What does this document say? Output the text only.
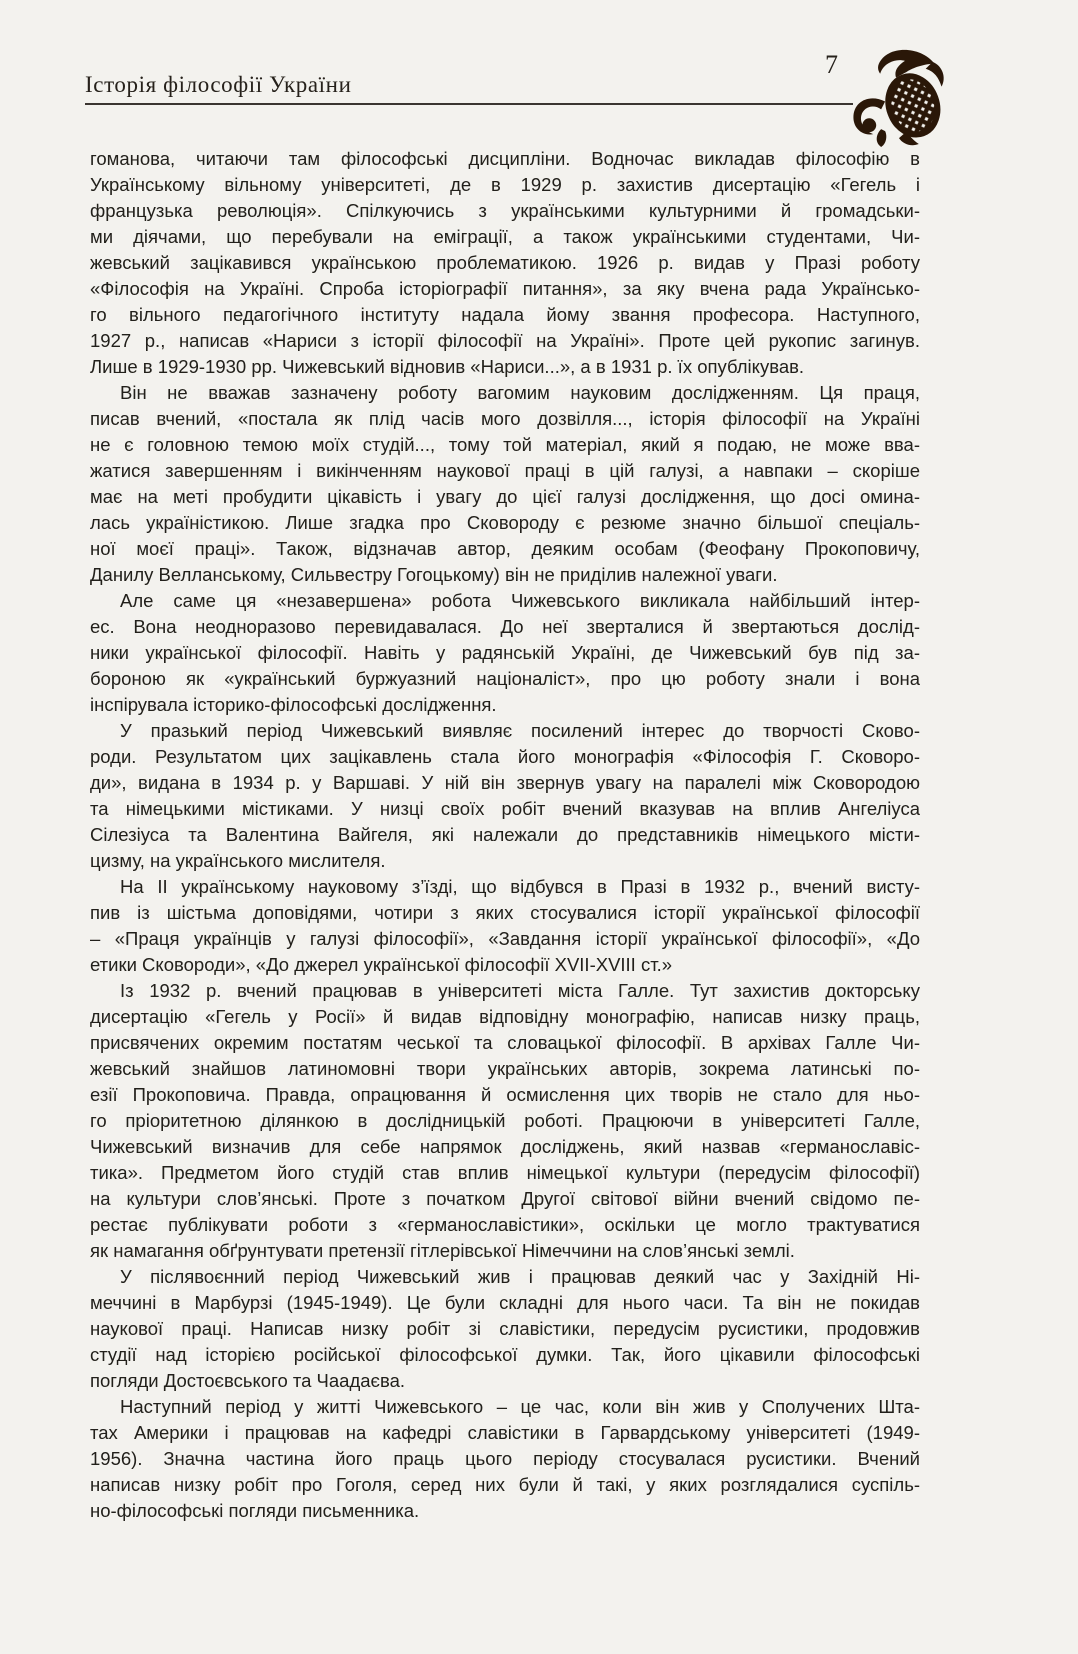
Історія філософії України
7
гоманова, читаючи там філософські дисципліни. Водночас викладав філософію в
Українському вільному університеті, де в 1929 р. захистив дисертацію «Гегель і
французька революція». Спілкуючись з українськими культурними й громадськи-
ми діячами, що перебували на еміграції, а також українськими студентами, Чи-
жевський зацікавився українською проблематикою. 1926 р. видав у Празі роботу
«Філософія на Україні. Спроба історіографії питання», за яку вчена рада Українсько-
го вільного педагогічного інституту надала йому звання професора. Наступного,
1927 р., написав «Нариси з історії філософії на Україні». Проте цей рукопис загинув.
Лише в 1929-1930 рр. Чижевський відновив «Нариси...», а в 1931 р. їх опублікував.
Він не вважав зазначену роботу вагомим науковим дослідженням. Ця праця,
писав вчений, «постала як плід часів мого дозвілля..., історія філософії на Україні
не є головною темою моїх студій..., тому той матеріал, який я подаю, не може вва-
жатися завершенням і викінченням наукової праці в цій галузі, а навпаки – скоріше
має на меті пробудити цікавість і увагу до цієї галузі дослідження, що досі омина-
лась україністикою. Лише згадка про Сковороду є резюме значно більшої спеціаль-
ної моєї праці». Також, відзначав автор, деяким особам (Феофану Прокоповичу,
Данилу Велланському, Сильвестру Гогоцькому) він не приділив належної уваги.
Але саме ця «незавершена» робота Чижевського викликала найбільший інтер-
ес. Вона неодноразово перевидавалася. До неї зверталися й звертаються дослід-
ники української філософії. Навіть у радянській Україні, де Чижевський був під за-
бороною як «український буржуазний націоналіст», про цю роботу знали і вона
інспірувала історико-філософські дослідження.
У празький період Чижевський виявляє посилений інтерес до творчості Сково-
роди. Результатом цих зацікавлень стала його монографія «Філософія Г. Сковоро-
ди», видана в 1934 р. у Варшаві. У ній він звернув увагу на паралелі між Сковородою
та німецькими містиками. У низці своїх робіт вчений вказував на вплив Ангеліуса
Сілезіуса та Валентина Вайгеля, які належали до представників німецького місти-
цизму, на українського мислителя.
На II українському науковому з’їзді, що відбувся в Празі в 1932 р., вчений висту-
пив із шістьма доповідями, чотири з яких стосувалися історії української філософії
– «Праця українців у галузі філософії», «Завдання історії української філософії», «До
етики Сковороди», «До джерел української філософії XVII-XVIII ст.»
Із 1932 р. вчений працював в університеті міста Галле. Тут захистив докторську
дисертацію «Гегель у Росії» й видав відповідну монографію, написав низку праць,
присвячених окремим постатям чеської та словацької філософії. В архівах Галле Чи-
жевський знайшов латиномовні твори українських авторів, зокрема латинські по-
езії Прокоповича. Правда, опрацювання й осмислення цих творів не стало для ньо-
го пріоритетною ділянкою в дослідницькій роботі. Працюючи в університеті Галле,
Чижевський визначив для себе напрямок досліджень, який назвав «германославіс-
тика». Предметом його студій став вплив німецької культури (передусім філософії)
на культури слов’янські. Проте з початком Другої світової війни вчений свідомо пе-
рестає публікувати роботи з «германославістики», оскільки це могло трактуватися
як намагання обґрунтувати претензії гітлерівської Німеччини на слов’янські землі.
У післявоєнний період Чижевський жив і працював деякий час у Західній Ні-
меччині в Марбурзі (1945-1949). Це були складні для нього часи. Та він не покидав
наукової праці. Написав низку робіт зі славістики, передусім русистики, продовжив
студії над історією російської філософської думки. Так, його цікавили філософські
погляди Достоєвського та Чаадаєва.
Наступний період у житті Чижевського – це час, коли він жив у Сполучених Шта-
тах Америки і працював на кафедрі славістики в Гарвардському університеті (1949-
1956). Значна частина його праць цього періоду стосувалася русистики. Вчений
написав низку робіт про Гоголя, серед них були й такі, у яких розглядалися суспіль-
но-філософські погляди письменника.
